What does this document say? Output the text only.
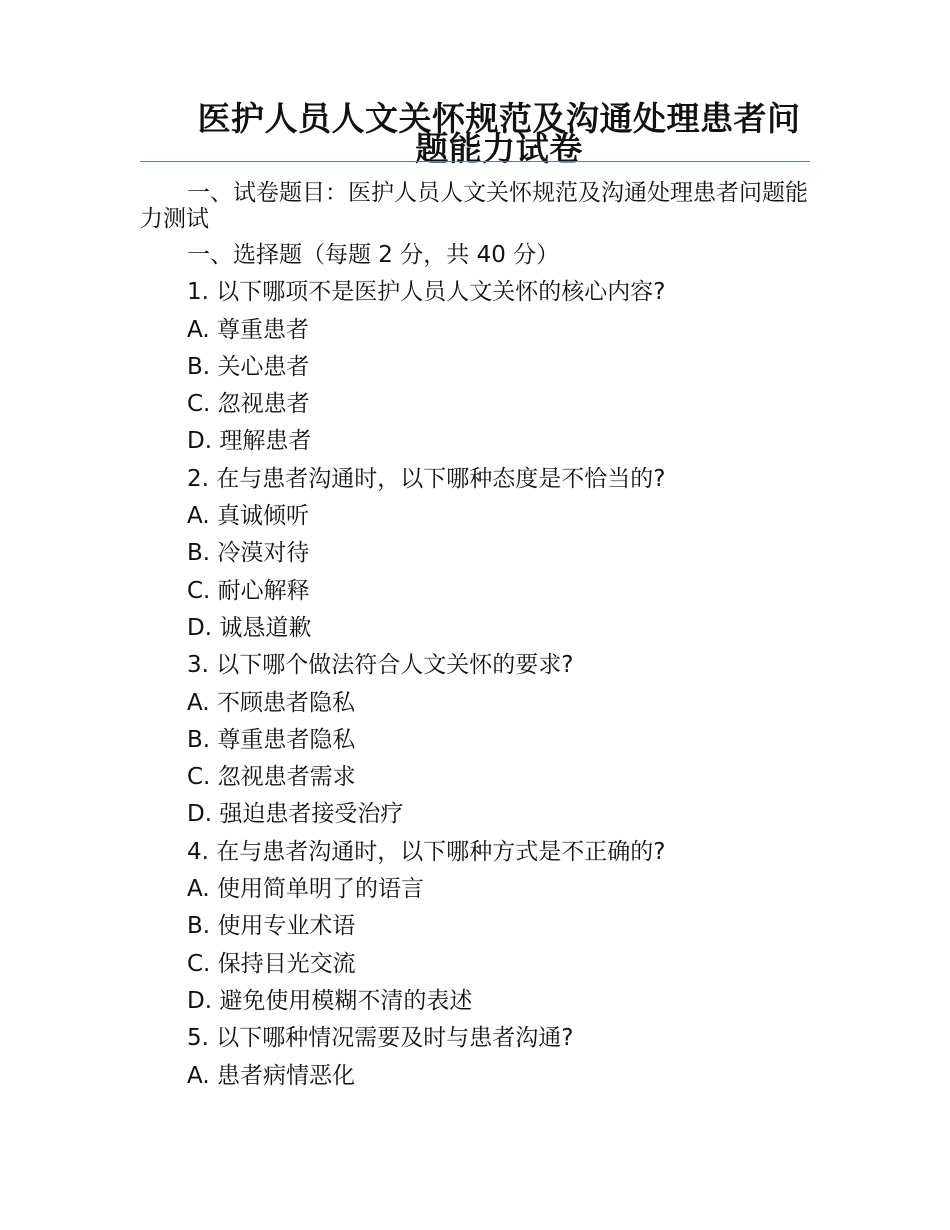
医护人员人文关怀规范及沟通处理患者问题能力试卷
一、试卷题目：医护人员人文关怀规范及沟通处理患者问题能力测试
一、选择题（每题 2 分，共 40 分）
1. 以下哪项不是医护人员人文关怀的核心内容?
A. 尊重患者
B. 关心患者
C. 忽视患者
D. 理解患者
2. 在与患者沟通时，以下哪种态度是不恰当的?
A. 真诚倾听
B. 冷漠对待
C. 耐心解释
D. 诚恳道歉
3. 以下哪个做法符合人文关怀的要求?
A. 不顾患者隐私
B. 尊重患者隐私
C. 忽视患者需求
D. 强迫患者接受治疗
4. 在与患者沟通时，以下哪种方式是不正确的?
A. 使用简单明了的语言
B. 使用专业术语
C. 保持目光交流
D. 避免使用模糊不清的表述
5. 以下哪种情况需要及时与患者沟通?
A. 患者病情恶化
